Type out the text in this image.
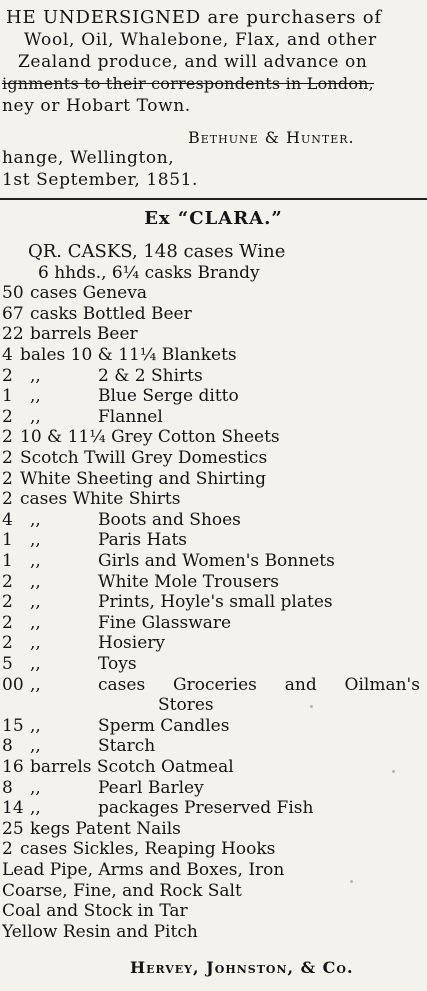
HE UNDERSIGNED are purchasers of
Wool, Oil, Whalebone, Flax, and other
Zealand produce, and will advance on
ignments to their correspondents in London,
ney or Hobart Town.
Bethune & Hunter.
hange, Wellington,
1st September, 1851.
Ex “CLARA.”
QR. CASKS, 148 cases Wine
6 hhds., 6¼ casks Brandy
50 cases Geneva
67 casks Bottled Beer
22 barrels Beer
4 bales 10 & 11¼ Blankets
2 ,,	2 & 2 Shirts
1 ,,	Blue Serge ditto
2 ,,	Flannel
2 10 & 11¼ Grey Cotton Sheets
2 Scotch Twill Grey Domestics
2 White Sheeting and Shirting
2 cases White Shirts
4 ,,	Boots and Shoes
1 ,,	Paris Hats
1 ,,	Girls and Women's Bonnets
2 ,,	White Mole Trousers
2 ,,	Prints, Hoyle's small plates
2 ,,	Fine Glassware
2 ,,	Hosiery
5 ,,	Toys
00 ,,	cases Groceries and Oilman's
Stores
15 ,,	Sperm Candles
8 ,,	Starch
16 barrels Scotch Oatmeal
8 ,,	Pearl Barley
14 ,,	packages Preserved Fish
25 kegs Patent Nails
2 cases Sickles, Reaping Hooks
Lead Pipe, Arms and Boxes, Iron
Coarse, Fine, and Rock Salt
Coal and Stock in Tar
Yellow Resin and Pitch
Hervey, Johnston, & Co.
